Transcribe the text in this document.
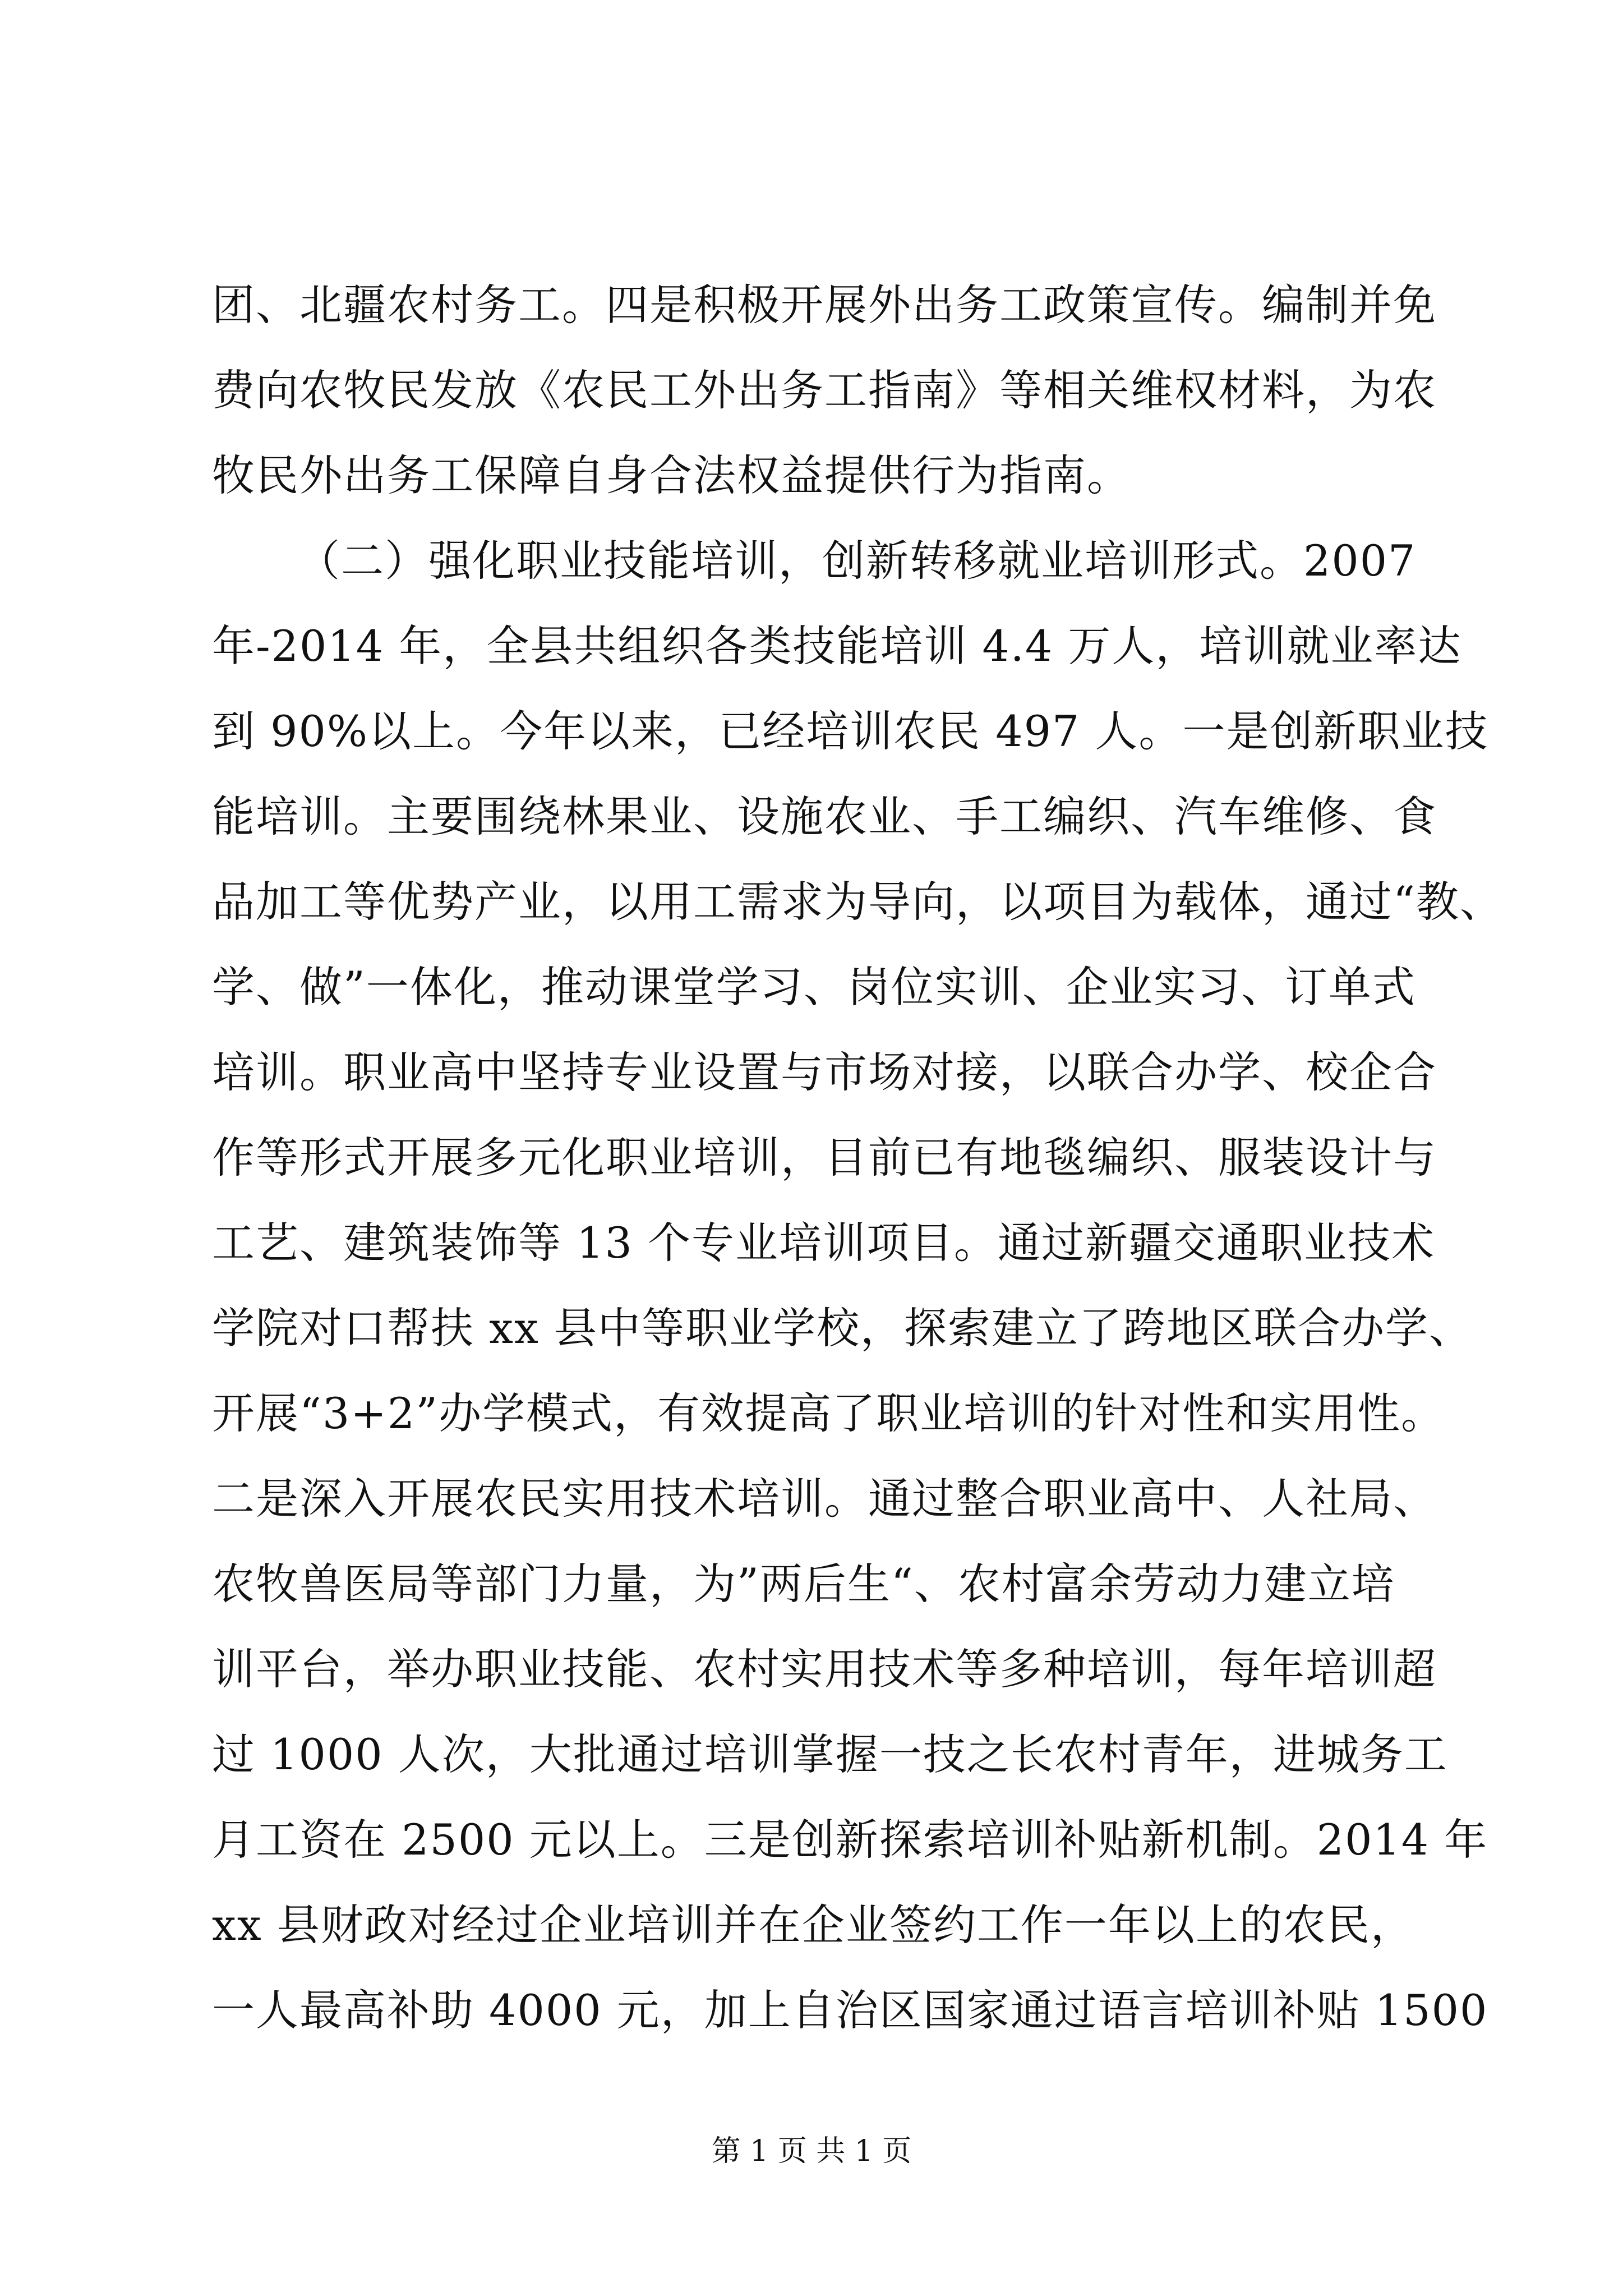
团、北疆农村务工。四是积极开展外出务工政策宣传。编制并免
费向农牧民发放《农民工外出务工指南》等相关维权材料，为农
牧民外出务工保障自身合法权益提供行为指南。
（二）强化职业技能培训，创新转移就业培训形式。2007
年-2014 年，全县共组织各类技能培训 4.4 万人，培训就业率达
到 90%以上。今年以来，已经培训农民 497 人。一是创新职业技
能培训。主要围绕林果业、设施农业、手工编织、汽车维修、食
品加工等优势产业，以用工需求为导向，以项目为载体，通过“教、
学、做”一体化，推动课堂学习、岗位实训、企业实习、订单式
培训。职业高中坚持专业设置与市场对接，以联合办学、校企合
作等形式开展多元化职业培训，目前已有地毯编织、服装设计与
工艺、建筑装饰等 13 个专业培训项目。通过新疆交通职业技术
学院对口帮扶 xx 县中等职业学校，探索建立了跨地区联合办学、
开展“3+2”办学模式，有效提高了职业培训的针对性和实用性。
二是深入开展农民实用技术培训。通过整合职业高中、人社局、
农牧兽医局等部门力量，为”两后生“、农村富余劳动力建立培
训平台，举办职业技能、农村实用技术等多种培训，每年培训超
过 1000 人次，大批通过培训掌握一技之长农村青年，进城务工
月工资在 2500 元以上。三是创新探索培训补贴新机制。2014 年
xx 县财政对经过企业培训并在企业签约工作一年以上的农民，
一人最高补助 4000 元，加上自治区国家通过语言培训补贴 1500
第 1 页 共 1 页
